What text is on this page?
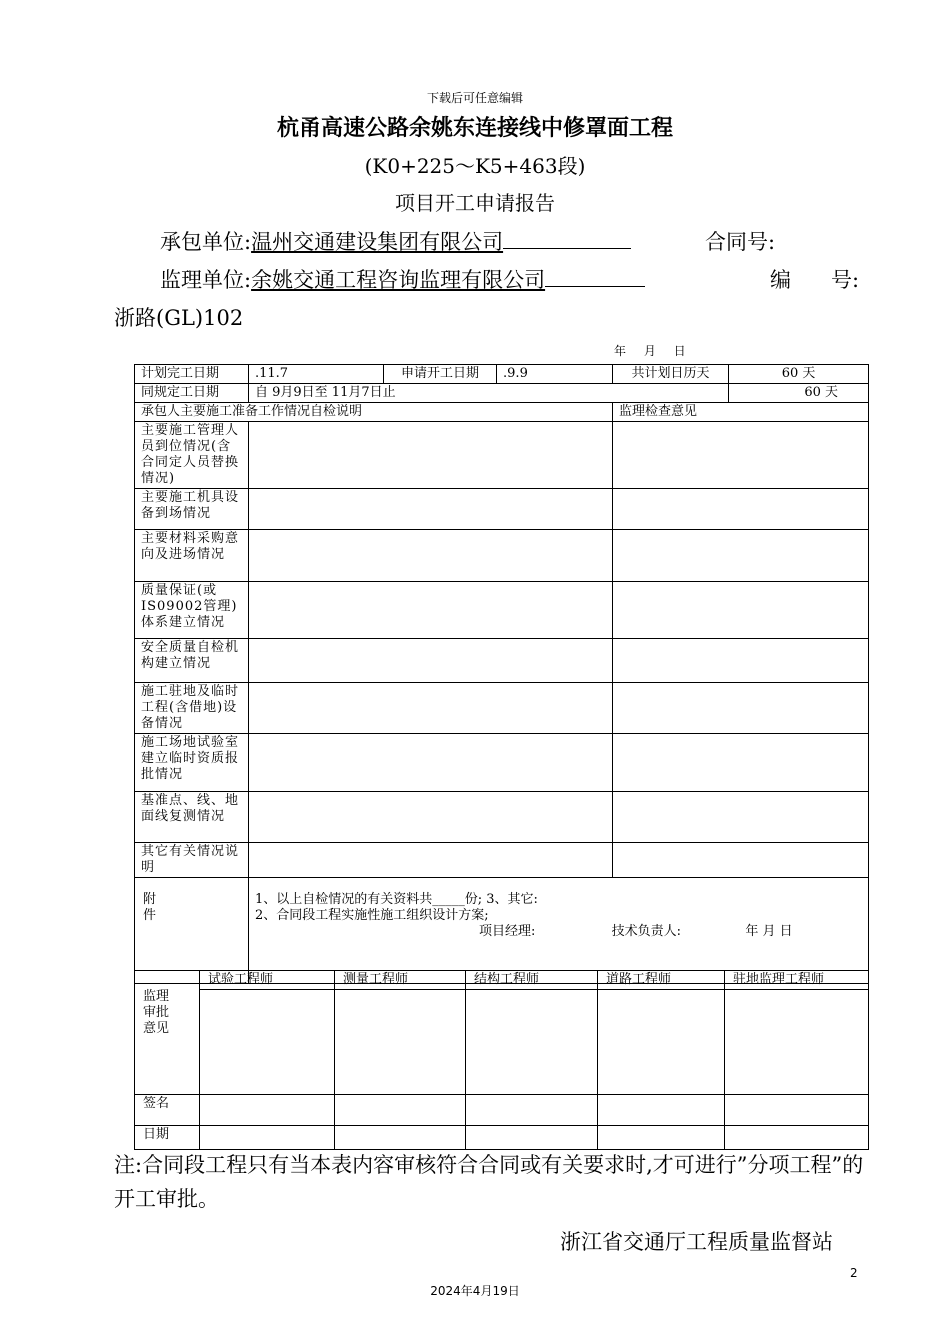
下载后可任意编辑
杭甬高速公路余姚东连接线中修罩面工程
(K0+225～K5+463段)
项目开工申请报告
承包单位:温州交通建设集团有限公司	合同号:
监理单位:余姚交通工程咨询监理有限公司	编      号:
浙路(GL)102
年 月 日
计划完工日期	.11.7	申请开工日期	.9.9	共计划日历天	60 天
同规定工日期	自 9月9日至 11月7日止				60 天
承包人主要施工准备工作情况自检说明				监理检查意见	
主要施工管理人员到位情况(含合同定人员替换情况)					
主要施工机具设备到场情况					
主要材料采购意向及进场情况					
质量保证(或IS09002管理)体系建立情况					
安全质量自检机构建立情况					
施工驻地及临时工程(含借地)设备情况					
施工场地试验室建立临时资质报批情况					
基准点、线、地面线复测情况					
其它有关情况说 明					

附件	1、以上自检情况的有关资料共_____份; 3、其它:
2、合同段工程实施性施工组织设计方案;
项目经理: 技术负责人: 年 月 日				
监理审批意见	试验工程师	测量工程师	结构工程师	道路工程师	驻地监理工程师

签名					
日期					
注:合同段工程只有当本表内容审核符合合同或有关要求时,才可进行”分项工程”的开工审批。
浙江省交通厅工程质量监督站
2
2024年4月19日
